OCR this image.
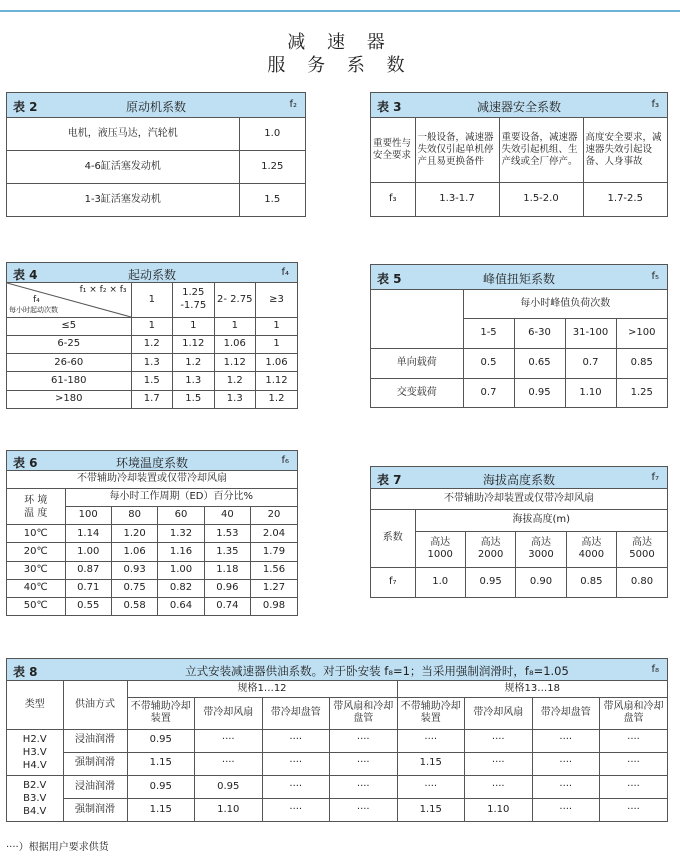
减 速 器
服 务 系 数
表 2	原动机系数	f₂
电机，液压马达，汽轮机	1.0
4-6缸活塞发动机	1.25
1-3缸活塞发动机	1.5
表 3	减速器安全系数	f₃
重要性与安全要求	一般设备，减速器失效仅引起单机停产且易更换备件	重要设备，减速器失效引起机组、生产线或全厂停产。	高度安全要求，减速器失效引起设备、人身事故
f₃	1.3-1.7	1.5-2.0	1.7-2.5
表 4	起动系数	f₄
f₁ × f₂ × f₃
f₄
每小时起动次数	1	1.25 -1.75	2- 2.75	≥3
≤5	1	1	1	1
6-25	1.2	1.12	1.06	1
26-60	1.3	1.2	1.12	1.06
61-180	1.5	1.3	1.2	1.12
>180	1.7	1.5	1.3	1.2
表 5	峰值扭矩系数	f₅
	每小时峰值负荷次数			
	1-5	6-30	31-100	>100
单向载荷	0.5	0.65	0.7	0.85
交变载荷	0.7	0.95	1.10	1.25
表 6	环境温度系数	f₆
不带辅助冷却装置或仅带冷却风扇					
环 境 温 度	每小时工作周期（ED）百分比%				
	100	80	60	40	20
10℃	1.14	1.20	1.32	1.53	2.04
20℃	1.00	1.06	1.16	1.35	1.79
30℃	0.87	0.93	1.00	1.18	1.56
40℃	0.71	0.75	0.82	0.96	1.27
50℃	0.55	0.58	0.64	0.74	0.98
表 7	海拔高度系数	f₇
不带辅助冷却装置或仅带冷却风扇					
系数	海拔高度(m)				
	高达 1000	高达 2000	高达 3000	高达 4000	高达 5000
f₇	1.0	0.95	0.90	0.85	0.80
表 8	立式安装减速器供油系数。对于卧安装 f₈=1；当采用强制润滑时，f₈=1.05	f₈
类型	供油方式	规格1…12				规格13…18			
		不带辅助冷却装置	带冷却风扇	带冷却盘管	带风扇和冷却盘管	不带辅助冷却装置	带冷却风扇	带冷却盘管	带风扇和冷却盘管
H2.V H3.V H4.V	浸油润滑	0.95	····	····	····	····	····	····	····
	强制润滑	1.15	····	····	····	1.15	····	····	····
B2.V B3.V B4.V	浸油润滑	0.95	0.95	····	····	····	····	····	····
	强制润滑	1.15	1.10	····	····	1.15	1.10	····	····
····）根据用户要求供货
